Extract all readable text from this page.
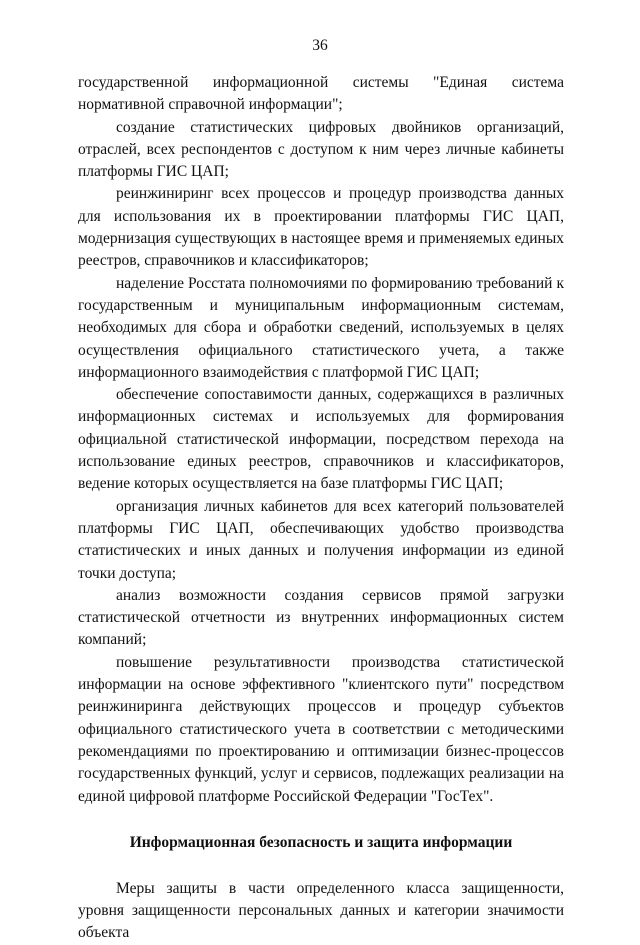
36

государственной информационной системы "Единая система нормативной справочной информации";

создание статистических цифровых двойников организаций, отраслей, всех респондентов с доступом к ним через личные кабинеты платформы ГИС ЦАП;

реинжиниринг всех процессов и процедур производства данных для использования их в проектировании платформы ГИС ЦАП, модернизация существующих в настоящее время и применяемых единых реестров, справочников и классификаторов;

наделение Росстата полномочиями по формированию требований к государственным и муниципальным информационным системам, необходимых для сбора и обработки сведений, используемых в целях осуществления официального статистического учета, а также информационного взаимодействия с платформой ГИС ЦАП;

обеспечение сопоставимости данных, содержащихся в различных информационных системах и используемых для формирования официальной статистической информации, посредством перехода на использование единых реестров, справочников и классификаторов, ведение которых осуществляется на базе платформы ГИС ЦАП;

организация личных кабинетов для всех категорий пользователей платформы ГИС ЦАП, обеспечивающих удобство производства статистических и иных данных и получения информации из единой точки доступа;

анализ возможности создания сервисов прямой загрузки статистической отчетности из внутренних информационных систем компаний;

повышение результативности производства статистической информации на основе эффективного "клиентского пути" посредством реинжиниринга действующих процессов и процедур субъектов официального статистического учета в соответствии с методическими рекомендациями по проектированию и оптимизации бизнес-процессов государственных функций, услуг и сервисов, подлежащих реализации на единой цифровой платформе Российской Федерации "ГосТех".

Информационная безопасность и защита информации

Меры защиты в части определенного класса защищенности, уровня защищенности персональных данных и категории значимости объекта
